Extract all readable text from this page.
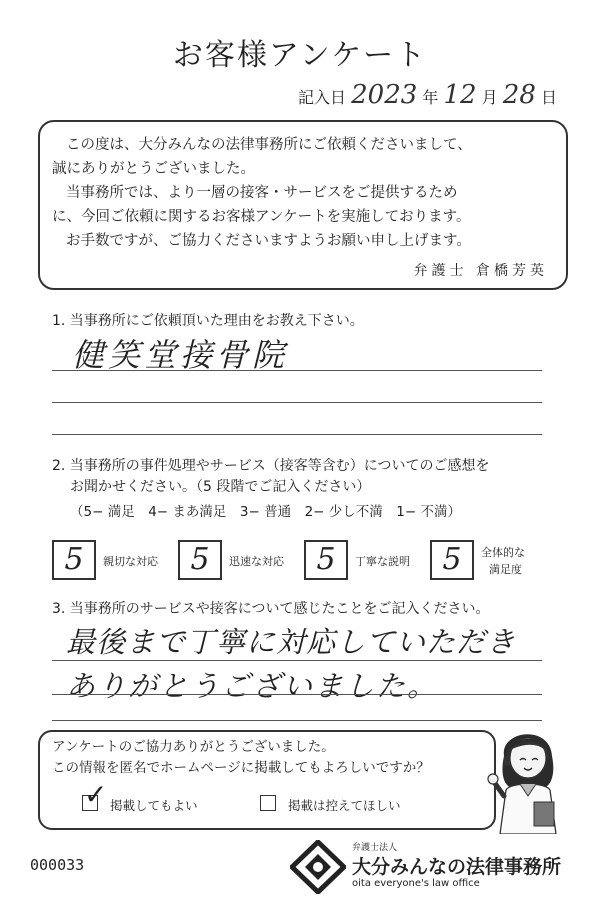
お客様アンケート
記入日 2023 年 12 月 28 日
この度は、大分みんなの法律事務所にご依頼くださいまして、
誠にありがとうございました。
当事務所では、より一層の接客・サービスをご提供するため
に、今回ご依頼に関するお客様アンケートを実施しております。
お手数ですが、ご協力くださいますようお願い申し上げます。
弁護士 倉橋芳英
1. 当事務所にご依頼頂いた理由をお教え下さい。
健笑堂接骨院
2. 当事務所の事件処理やサービス（接客等含む）についてのご感想を
お聞かせください。（5 段階でご記入ください）
（5− 満足　4− まあ満足　3− 普通　2− 少し不満　1− 不満）
5	親切な対応	5	迅速な対応	5	丁寧な説明	5	全体的な
満足度
3. 当事務所のサービスや接客について感じたことをご記入ください。
最後まで丁寧に対応していただき
ありがとうございました。
アンケートのご協力ありがとうございました。
この情報を匿名でホームページに掲載してもよろしいですか？
✓ 掲載してもよい	掲載は控えてほしい
000033
弁護士法人
大分みんなの法律事務所
oita everyone's law office
